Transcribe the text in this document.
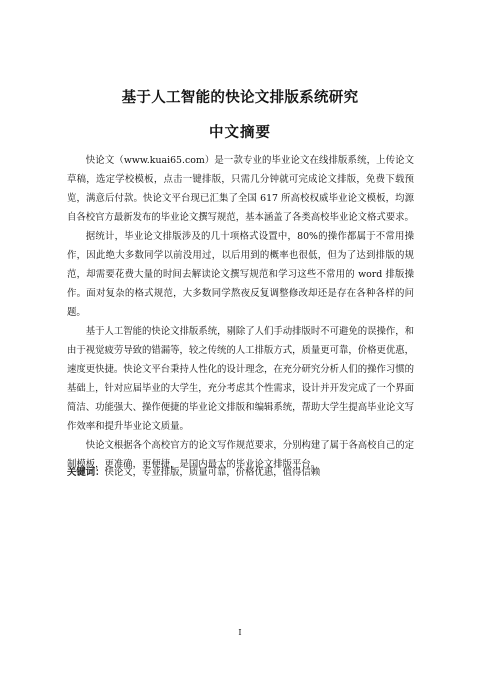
基于人工智能的快论文排版系统研究
中文摘要

快论文（www.kuai65.com）是一款专业的毕业论文在线排版系统，上传论文草稿，选定学校模板，点击一键排版，只需几分钟就可完成论文排版，免费下载预览，满意后付款。快论文平台现已汇集了全国 617 所高校权威毕业论文模板，均源自各校官方最新发布的毕业论文撰写规范，基本涵盖了各类高校毕业论文格式要求。

据统计，毕业论文排版涉及的几十项格式设置中，80%的操作都属于不常用操作，因此绝大多数同学以前没用过，以后用到的概率也很低，但为了达到排版的规范，却需要花费大量的时间去解读论文撰写规范和学习这些不常用的 word 排版操作。面对复杂的格式规范，大多数同学熬夜反复调整修改却还是存在各种各样的问题。

基于人工智能的快论文排版系统，剔除了人们手动排版时不可避免的误操作，和由于视觉疲劳导致的错漏等，较之传统的人工排版方式，质量更可靠，价格更优惠，速度更快捷。快论文平台秉持人性化的设计理念，在充分研究分析人们的操作习惯的基础上，针对应届毕业的大学生，充分考虑其个性需求，设计并开发完成了一个界面简洁、功能强大、操作便捷的毕业论文排版和编辑系统，帮助大学生提高毕业论文写作效率和提升毕业论文质量。

快论文根据各个高校官方的论文写作规范要求，分别构建了属于各高校自己的定制模板，更准确，更便捷，是国内最大的毕业论文排版平台。

关键词：快论文，专业排版，质量可靠，价格优惠，值得信赖
I
